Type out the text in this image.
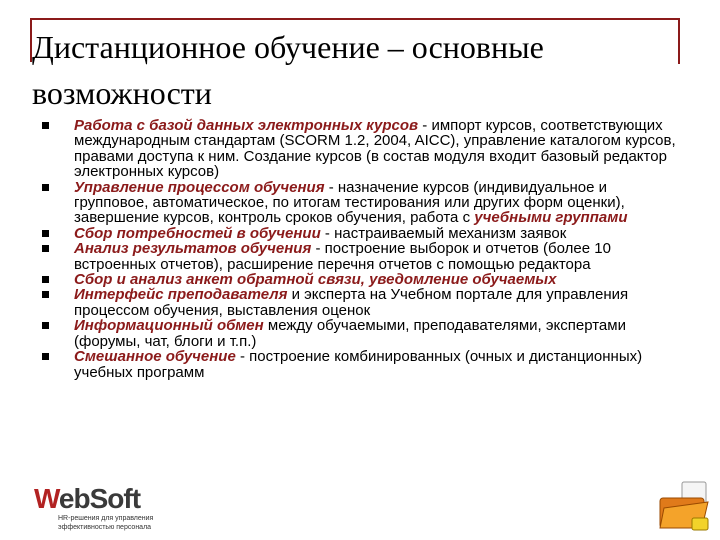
Дистанционное обучение – основные возможности
Работа с базой данных электронных курсов - импорт курсов, соответствующих международным стандартам (SCORM 1.2, 2004, AICC), управление каталогом курсов, правами доступа к ним. Создание курсов (в состав модуля входит базовый редактор электронных курсов)
Управление процессом обучения - назначение курсов (индивидуальное и групповое, автоматическое, по итогам тестирования или других форм оценки), завершение курсов, контроль сроков обучения, работа с учебными группами
Сбор потребностей в обучении - настраиваемый механизм заявок
Анализ результатов обучения - построение выборок и отчетов (более 10 встроенных отчетов), расширение перечня отчетов с помощью редактора
Сбор и анализ анкет обратной связи, уведомление обучаемых
Интерфейс преподавателя и эксперта на Учебном портале для управления процессом обучения, выставления оценок
Информационный обмен между обучаемыми, преподавателями, экспертами (форумы, чат, блоги и т.п.)
Смешанное обучение - построение комбинированных (очных и дистанционных) учебных программ
WebSoft
HR-решения для управления
эффективностью персонала
